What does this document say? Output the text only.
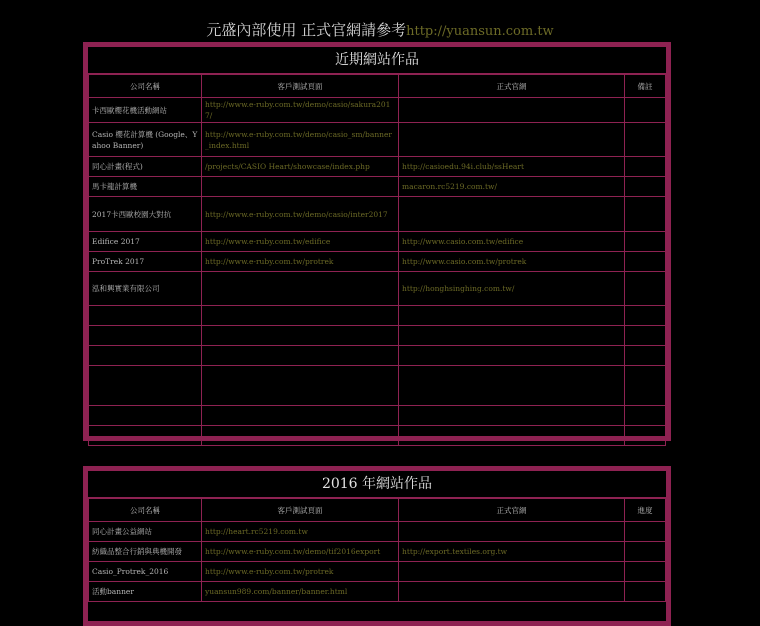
元盛內部使用 正式官網請參考http://yuansun.com.tw
近期網站作品
公司名稱	客戶測試頁面	正式官網	備註
卡西歐櫻花機活動網站	http://www.e-ruby.com.tw/demo/casio/sakura2017/		
Casio 櫻花計算機 (Google、Yahoo Banner)	http://www.e-ruby.com.tw/demo/casio_sm/banner_index.html		
同心計畫(程式)	/projects/CASIO Heart/showcase/index.php	http://casioedu.94i.club/ssHeart	
馬卡龍計算機		macaron.rc5219.com.tw/	
2017卡西歐校園大對抗	http://www.e-ruby.com.tw/demo/casio/inter2017		
Edifice 2017	http://www.e-ruby.com.tw/edifice	http://www.casio.com.tw/edifice	
ProTrek 2017	http://www.e-ruby.com.tw/protrek	http://www.casio.com.tw/protrek	
泓和興實業有限公司		http://honghsinghing.com.tw/	

2016 年網站作品
公司名稱	客戶測試頁面	正式官網	進度
同心計畫公益網站	http://heart.rc5219.com.tw		
紡織品整合行銷與典機開發	http://www.e-ruby.com.tw/demo/tif2016export	http://export.textiles.org.tw	
Casio_Protrek_2016	http://www.e-ruby.com.tw/protrek		
活動banner	yuansun989.com/banner/banner.html		
